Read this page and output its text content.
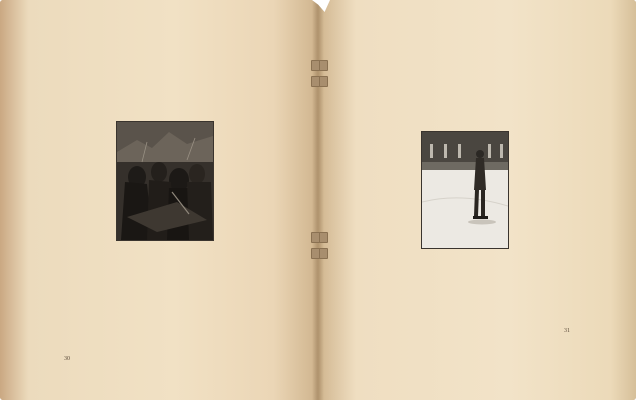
30
31
